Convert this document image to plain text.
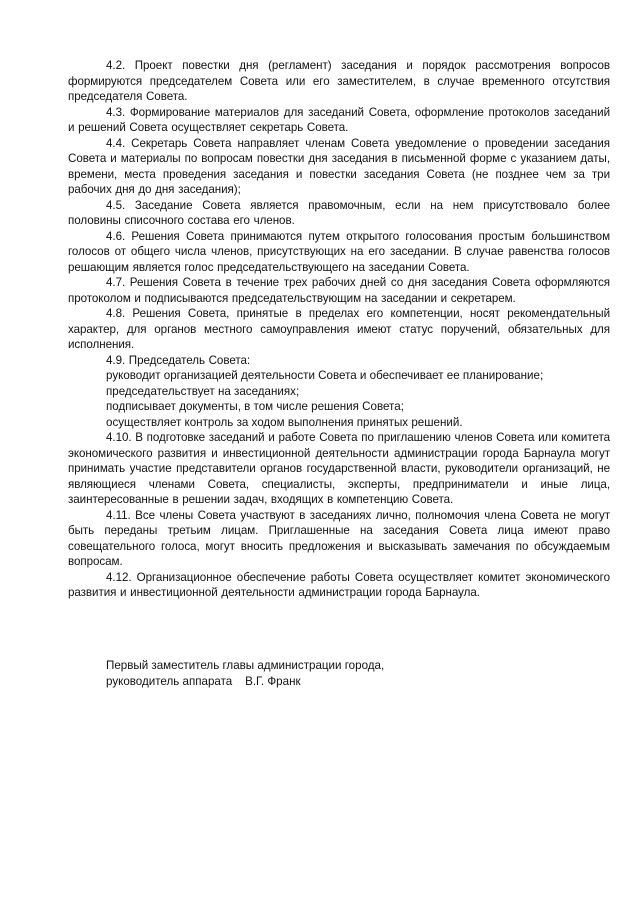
4.2. Проект повестки дня (регламент) заседания и порядок рассмотрения вопросов формируются председателем Совета или его заместителем, в случае временного отсутствия председателя Совета.

4.3. Формирование материалов для заседаний Совета, оформление протоколов заседаний и решений Совета осуществляет секретарь Совета.

4.4. Секретарь Совета направляет членам Совета уведомление о проведении заседания Совета и материалы по вопросам повестки дня заседания в письменной форме с указанием даты, времени, места проведения заседания и повестки заседания Совета (не позднее чем за три рабочих дня до дня заседания);

4.5. Заседание Совета является правомочным, если на нем присутствовало более половины списочного состава его членов.

4.6. Решения Совета принимаются путем открытого голосования простым большинством голосов от общего числа членов, присутствующих на его заседании. В случае равенства голосов решающим является голос председательствующего на заседании Совета.

4.7. Решения Совета в течение трех рабочих дней со дня заседания Совета оформляются протоколом и подписываются председательствующим на заседании и секретарем.

4.8. Решения Совета, принятые в пределах его компетенции, носят рекомендательный характер, для органов местного самоуправления имеют статус поручений, обязательных для исполнения.

4.9. Председатель Совета:

руководит организацией деятельности Совета и обеспечивает ее планирование;

председательствует на заседаниях;

подписывает документы, в том числе решения Совета;

осуществляет контроль за ходом выполнения принятых решений.

4.10. В подготовке заседаний и работе Совета по приглашению членов Совета или комитета экономического развития и инвестиционной деятельности администрации города Барнаула могут принимать участие представители органов государственной власти, руководители организаций, не являющиеся членами Совета, специалисты, эксперты, предприниматели и иные лица, заинтересованные в решении задач, входящих в компетенцию Совета.

4.11. Все члены Совета участвуют в заседаниях лично, полномочия члена Совета не могут быть переданы третьим лицам. Приглашенные на заседания Совета лица имеют право совещательного голоса, могут вносить предложения и высказывать замечания по обсуждаемым вопросам.

4.12. Организационное обеспечение работы Совета осуществляет комитет экономического развития и инвестиционной деятельности администрации города Барнаула.

Первый заместитель главы администрации города,
руководитель аппарата    В.Г. Франк
